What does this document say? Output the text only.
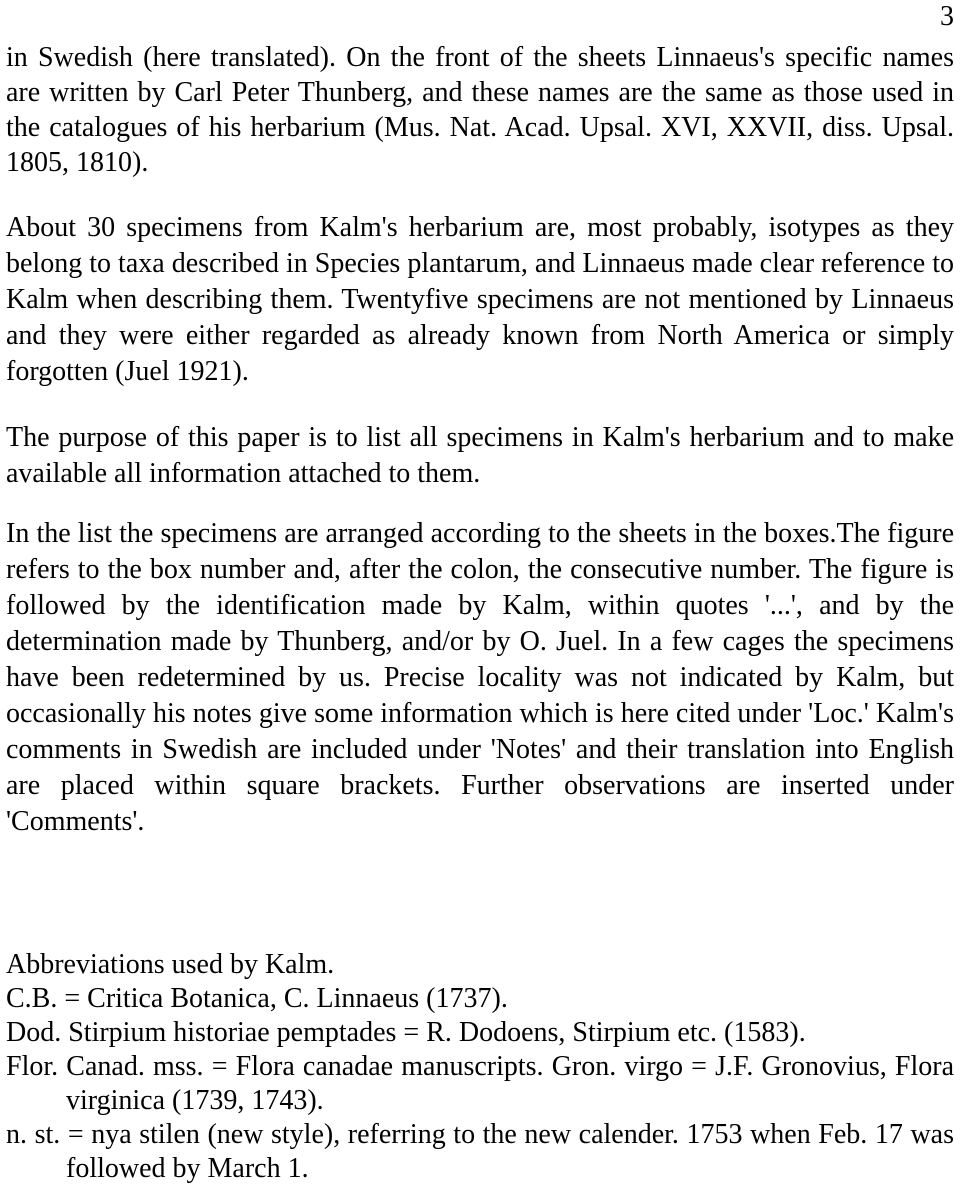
3

in Swedish (here translated). On the front of the sheets Linnaeus's specific names are written by Carl Peter Thunberg, and these names are the same as those used in the catalogues of his herbarium (Mus. Nat. Acad. Upsal. XVI, XXVII, diss. Upsal. 1805, 1810).

About 30 specimens from Kalm's herbarium are, most probably, isotypes as they belong to taxa described in Species plantarum, and Linnaeus made clear reference to Kalm when describing them. Twentyfive specimens are not mentioned by Linnaeus and they were either regarded as already known from North America or simply forgotten (Juel 1921).

The purpose of this paper is to list all specimens in Kalm's herbarium and to make available all information attached to them.

In the list the specimens are arranged according to the sheets in the boxes.The figure refers to the box number and, after the colon, the consecutive number. The figure is followed by the identification made by Kalm, within quotes '...', and by the determination made by Thunberg, and/or by O. Juel. In a few cages the specimens have been redetermined by us. Precise locality was not indicated by Kalm, but occasionally his notes give some information which is here cited under 'Loc.' Kalm's comments in Swedish are included under 'Notes' and their translation into English are placed within square brackets. Further observations are inserted under 'Comments'.

Abbreviations used by Kalm.

C.B. = Critica Botanica, C. Linnaeus (1737).

Dod. Stirpium historiae pemptades = R. Dodoens, Stirpium etc. (1583).

Flor. Canad. mss. = Flora canadae manuscripts. Gron. virgo = J.F. Gronovius, Flora virginica (1739, 1743).

n. st. = nya stilen (new style), referring to the new calender. 1753 when Feb. 17 was followed by March 1.
